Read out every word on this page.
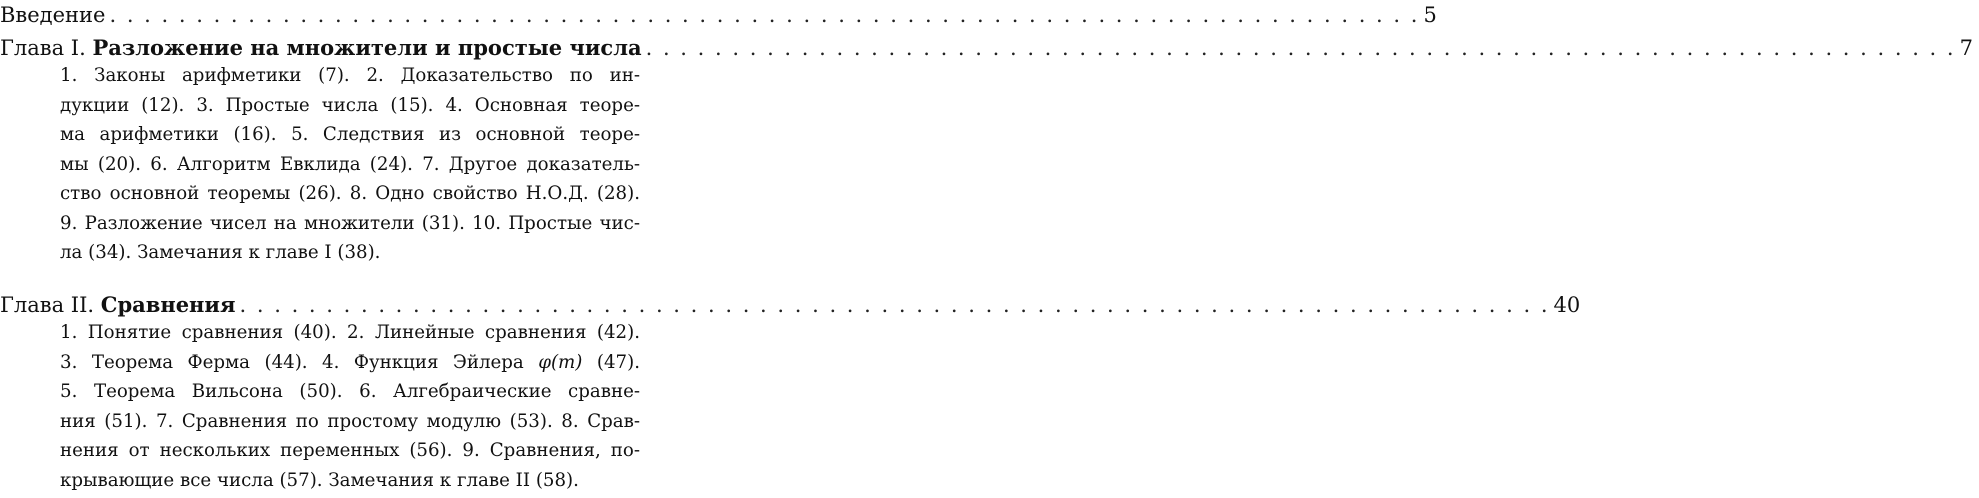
Введение . . . . . . . . . . . . . . . . . . . . . . . . . . . . . . . . . . . . . . . . . . . . . . . . . . . . . . . . . . . . . . . . . . . . . . . . . . . . 5
Глава I. Разложение на множители и простые числа . . . . . . . . . . . . . . . . . . . . . . . . . . . . . . . . . . . . . . . . . . . . . . . . . . . . . . . . . . . . . . . . . . . . . . . . . . . . 7
1. Законы арифметики (7). 2. Доказательство по ин-
дукции (12). 3. Простые числа (15). 4. Основная теоре-
ма арифметики (16). 5. Следствия из основной теоре-
мы (20). 6. Алгоритм Евклида (24). 7. Другое доказатель-
ство основной теоремы (26). 8. Одно свойство Н.О.Д. (28).
9. Разложение чисел на множители (31). 10. Простые чис-
ла (34). Замечания к главе I (38).
Глава II. Сравнения . . . . . . . . . . . . . . . . . . . . . . . . . . . . . . . . . . . . . . . . . . . . . . . . . . . . . . . . . . . . . . . . . . . . . . . . . . . . 40
1. Понятие сравнения (40). 2. Линейные сравнения (42).
3. Теорема Ферма (44). 4. Функция Эйлера φ(m) (47).
5. Теорема Вильсона (50). 6. Алгебраические сравне-
ния (51). 7. Сравнения по простому модулю (53). 8. Срав-
нения от нескольких переменных (56). 9. Сравнения, по-
крывающие все числа (57). Замечания к главе II (58).
